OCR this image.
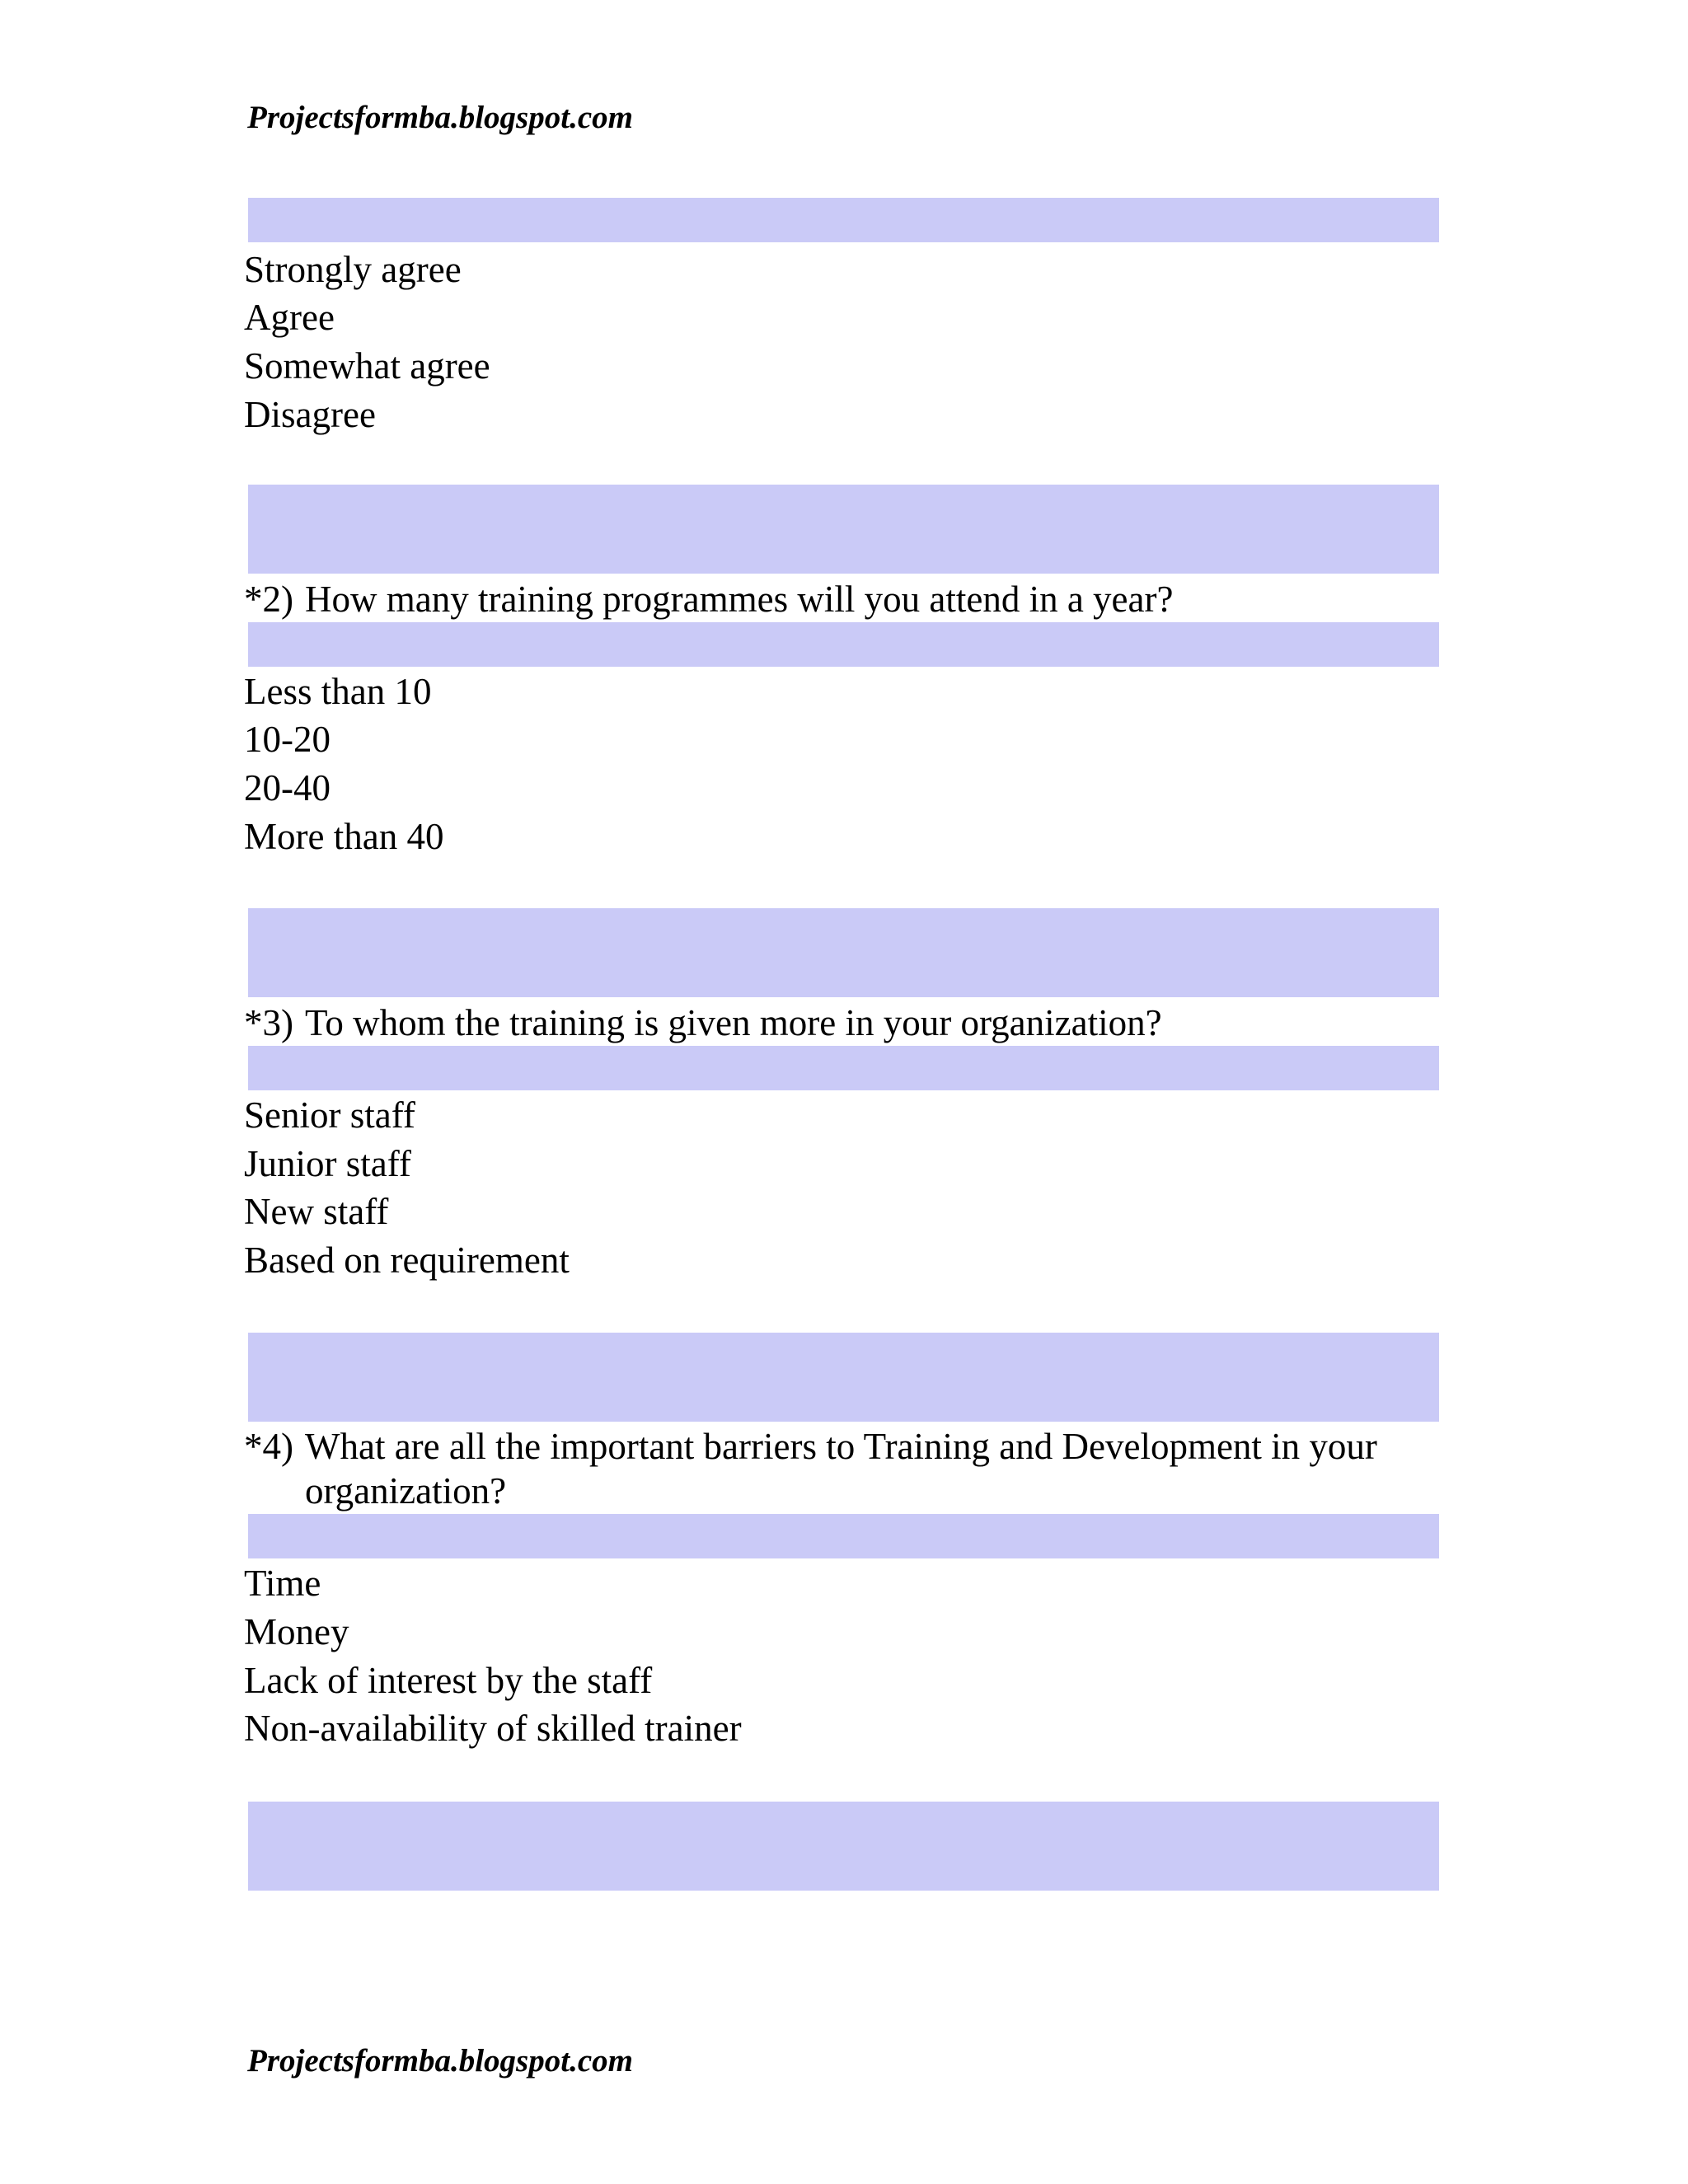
Projectsformba.blogspot.com
Strongly agree
Agree
Somewhat agree
Disagree
*2) How many training programmes will you attend in a year?
Less than 10
10-20
20-40
More than 40
*3) To whom the training is given more in your organization?
Senior staff
Junior staff
New staff
Based on requirement
*4) What are all the important barriers to Training and Development in your organization?
Time
Money
Lack of interest by the staff
Non-availability of skilled trainer
Projectsformba.blogspot.com
